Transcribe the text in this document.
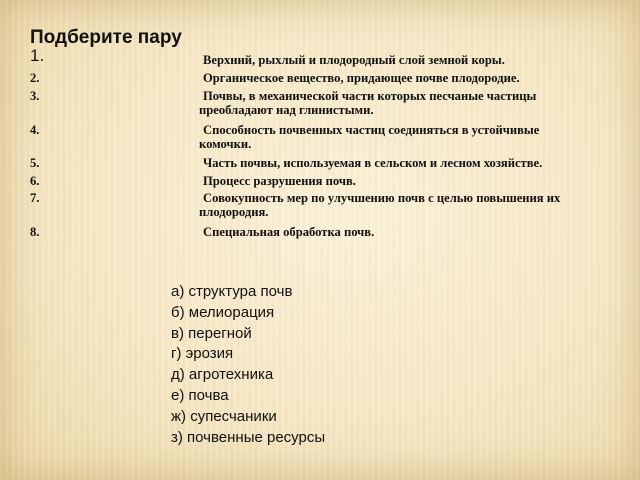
Подберите пару
1.	Верхний, рыхлый и плодородный слой земной коры.
2.	Органическое вещество, придающее почве плодородие.
3.	Почвы, в механической части которых песчаные частицы преобладают над глинистыми.
4.	Способность почвенных частиц соединяться в устойчивые комочки.
5.	Часть почвы, используемая в сельском и лесном хозяйстве.
6.	Процесс разрушения почв.
7.	Совокупность мер по улучшению почв с целью повышения их плодородия.
8.	Специальная обработка почв.
а) структура почв
б) мелиорация
в) перегной
г) эрозия
д) агротехника
е) почва
ж) супесчаники
з) почвенные ресурсы
